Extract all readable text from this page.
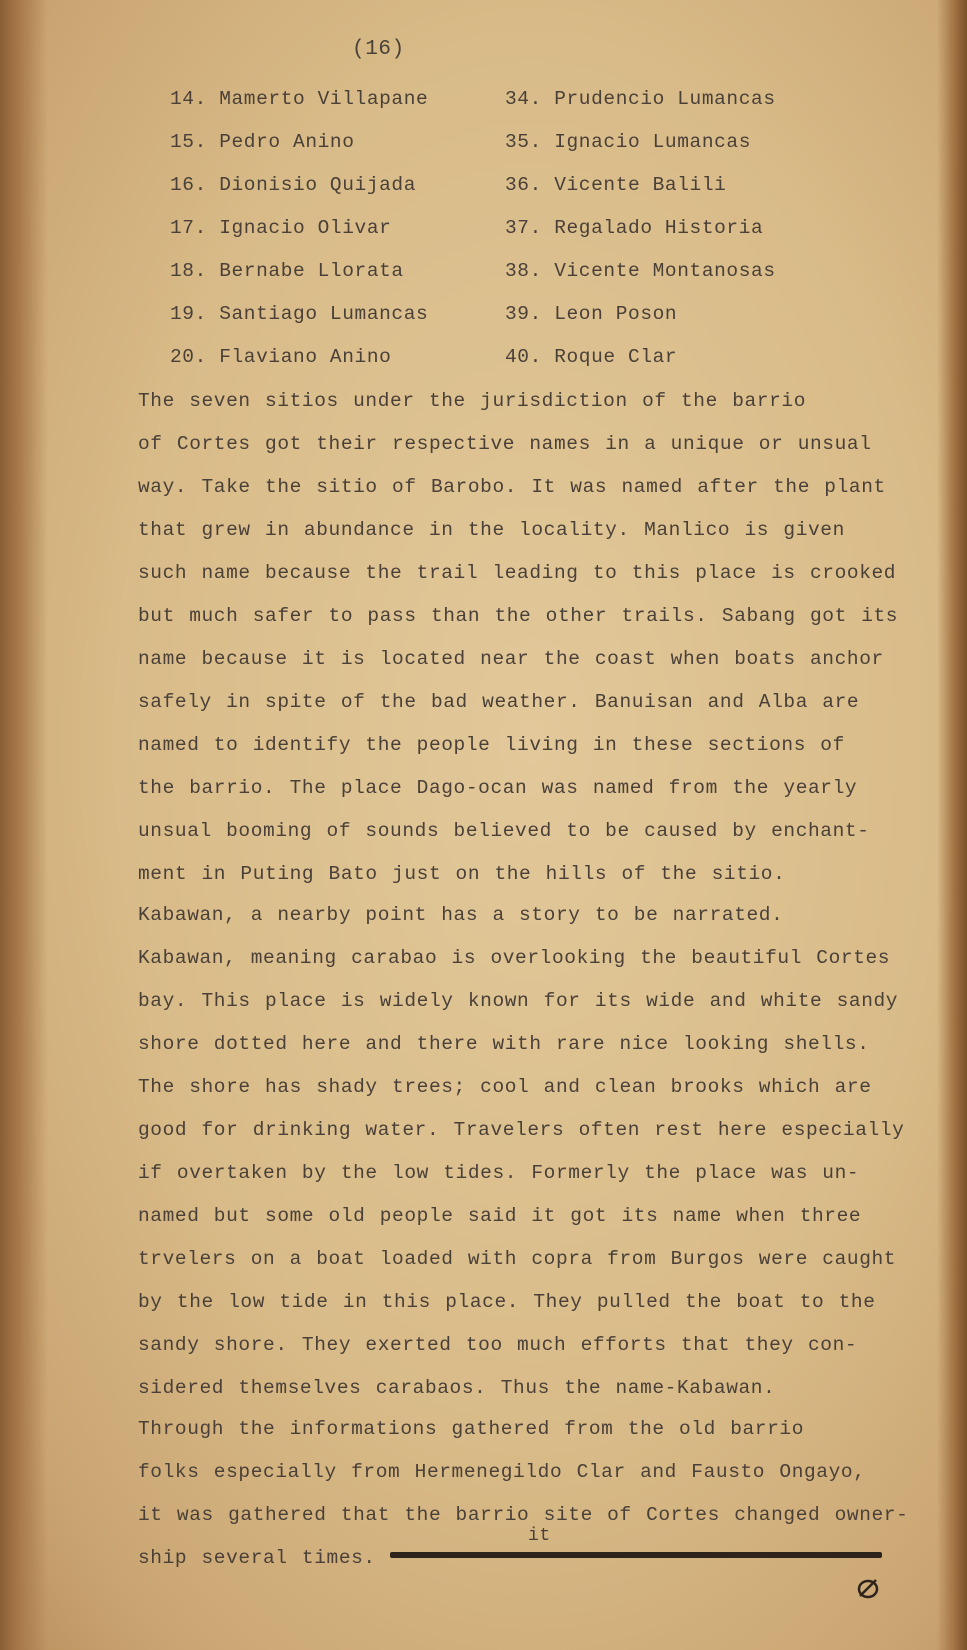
(16)
14. Mamerto Villapane
15. Pedro Anino
16. Dionisio Quijada
17. Ignacio Olivar
18. Bernabe Llorata
19. Santiago Lumancas
20. Flaviano Anino
34. Prudencio Lumancas
35. Ignacio Lumancas
36. Vicente Balili
37. Regalado Historia
38. Vicente Montanosas
39. Leon Poson
40. Roque Clar

The seven sitios under the jurisdiction of the barrio
of Cortes got their respective names in a unique or unsual
way. Take the sitio of Barobo. It was named after the plant
that grew in abundance in the locality. Manlico is given
such name because the trail leading to this place is crooked
but much safer to pass than the other trails. Sabang got its
name because it is located near the coast when boats anchor
safely in spite of the bad weather. Banuisan and Alba are
named to identify the people living in these sections of
the barrio. The place Dago-ocan was named from the yearly
unsual booming of sounds believed to be caused by enchant-
ment in Puting Bato just on the hills of the sitio.

Kabawan, a nearby point has a story to be narrated.
Kabawan, meaning carabao is overlooking the beautiful Cortes
bay. This place is widely known for its wide and white sandy
shore dotted here and there with rare nice looking shells.
The shore has shady trees; cool and clean brooks which are
good for drinking water. Travelers often rest here especially
if overtaken by the low tides. Formerly the place was un-
named but some old people said it got its name when three
trvelers on a boat loaded with copra from Burgos were caught
by the low tide in this place. They pulled the boat to the
sandy shore. They exerted too much efforts that they con-
sidered themselves carabaos. Thus the name-Kabawan.

Through the informations gathered from the old barrio
folks especially from Hermenegildo Clar and Fausto Ongayo,
it was gathered that the barrio site of Cortes changed owner-
ship several times.

it
